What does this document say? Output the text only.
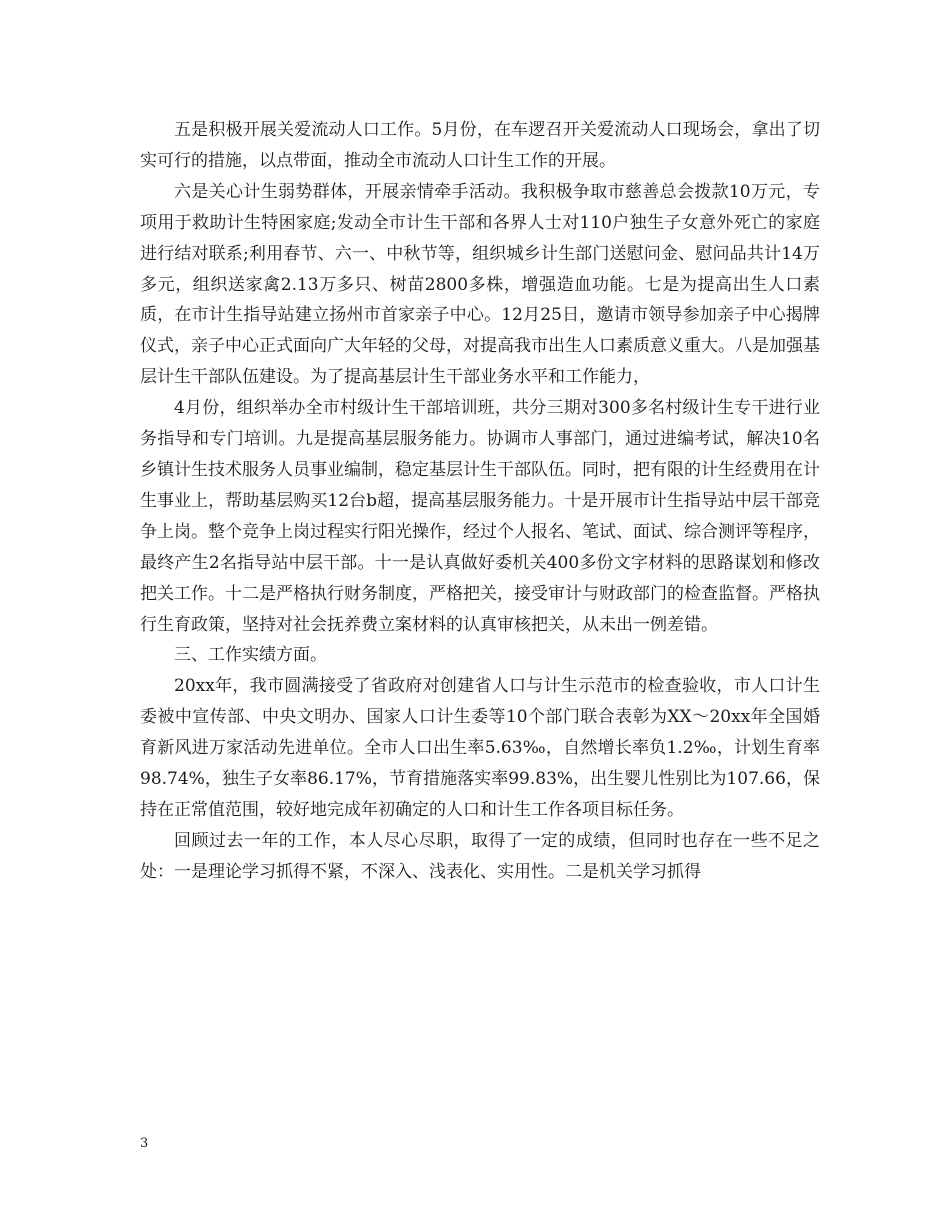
五是积极开展关爱流动人口工作。5月份，在车逻召开关爱流动人口现场会，拿出了切实可行的措施，以点带面，推动全市流动人口计生工作的开展。

六是关心计生弱势群体，开展亲情牵手活动。我积极争取市慈善总会拨款10万元，专项用于救助计生特困家庭;发动全市计生干部和各界人士对110户独生子女意外死亡的家庭进行结对联系;利用春节、六一、中秋节等，组织城乡计生部门送慰问金、慰问品共计14万多元，组织送家禽2.13万多只、树苗2800多株，增强造血功能。七是为提高出生人口素质，在市计生指导站建立扬州市首家亲子中心。12月25日，邀请市领导参加亲子中心揭牌仪式，亲子中心正式面向广大年轻的父母，对提高我市出生人口素质意义重大。八是加强基层计生干部队伍建设。为了提高基层计生干部业务水平和工作能力，

4月份，组织举办全市村级计生干部培训班，共分三期对300多名村级计生专干进行业务指导和专门培训。九是提高基层服务能力。协调市人事部门，通过进编考试，解决10名乡镇计生技术服务人员事业编制，稳定基层计生干部队伍。同时，把有限的计生经费用在计生事业上，帮助基层购买12台b超，提高基层服务能力。十是开展市计生指导站中层干部竞争上岗。整个竞争上岗过程实行阳光操作，经过个人报名、笔试、面试、综合测评等程序，最终产生2名指导站中层干部。十一是认真做好委机关400多份文字材料的思路谋划和修改把关工作。十二是严格执行财务制度，严格把关，接受审计与财政部门的检查监督。严格执行生育政策，坚持对社会抚养费立案材料的认真审核把关，从未出一例差错。

三、工作实绩方面。

20xx年，我市圆满接受了省政府对创建省人口与计生示范市的检查验收，市人口计生委被中宣传部、中央文明办、国家人口计生委等10个部门联合表彰为XX～20xx年全国婚育新风进万家活动先进单位。全市人口出生率5.63‰，自然增长率负1.2‰，计划生育率98.74%，独生子女率86.17%，节育措施落实率99.83%，出生婴儿性别比为107.66，保持在正常值范围，较好地完成年初确定的人口和计生工作各项目标任务。

回顾过去一年的工作，本人尽心尽职，取得了一定的成绩，但同时也存在一些不足之处：一是理论学习抓得不紧，不深入、浅表化、实用性。二是机关学习抓得

3
